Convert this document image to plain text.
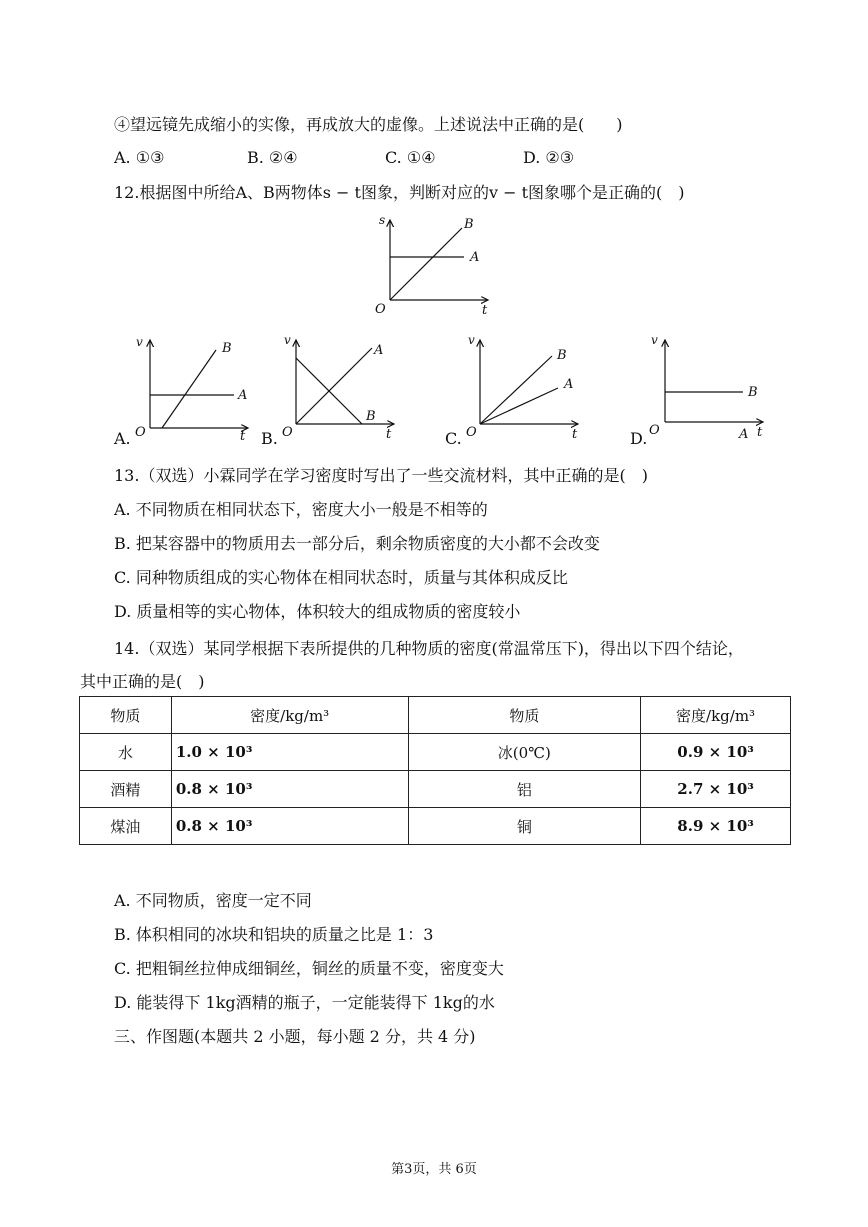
④望远镜先成缩小的实像，再成放大的虚像。上述说法中正确的是(　　)
A. ①③	B. ②④	C. ①④	D. ②③
12.根据图中所给A、B两物体s − t图象，判断对应的v − t图象哪个是正确的(　)
s
t
O
A
B
A.
v
t
O
A
B
B.
v
t
O
A
B
C.
v
t
O
A
B
D.
v
t
O	A
B
13.（双选）小霖同学在学习密度时写出了一些交流材料，其中正确的是(　)
A. 不同物质在相同状态下，密度大小一般是不相等的
B. 把某容器中的物质用去一部分后，剩余物质密度的大小都不会改变
C. 同种物质组成的实心物体在相同状态时，质量与其体积成反比
D. 质量相等的实心物体，体积较大的组成物质的密度较小
14.（双选）某同学根据下表所提供的几种物质的密度(常温常压下)，得出以下四个结论，
其中正确的是(　)
物质	密度/kg/m³	物质	密度/kg/m³
水	1.0 × 10³	冰(0℃)	0.9 × 10³
酒精	0.8 × 10³	铝	2.7 × 10³
煤油	0.8 × 10³	铜	8.9 × 10³
A. 不同物质，密度一定不同
B. 体积相同的冰块和铝块的质量之比是 1：3
C. 把粗铜丝拉伸成细铜丝，铜丝的质量不变，密度变大
D. 能装得下 1kg酒精的瓶子，一定能装得下 1kg的水
三、作图题(本题共 2 小题，每小题 2 分，共 4 分)
第3页，共 6页
